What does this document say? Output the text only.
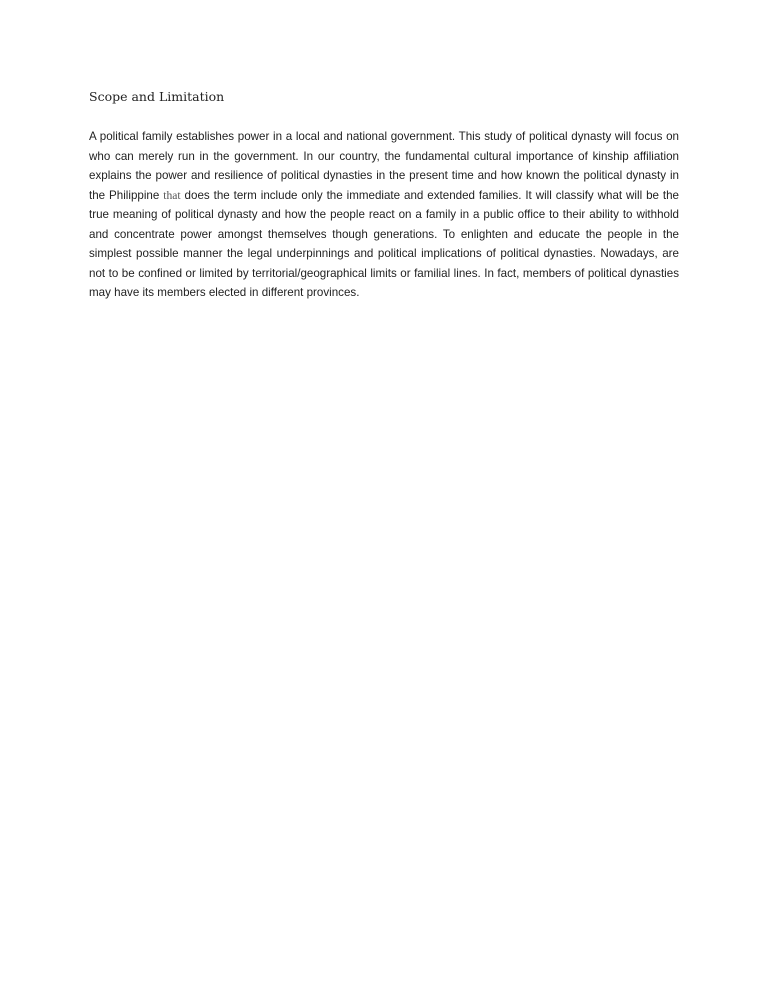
Scope and Limitation

A political family establishes power in a local and national government. This study of political dynasty will focus on who can merely run in the government. In our country, the fundamental cultural importance of kinship affiliation explains the power and resilience of political dynasties in the present time and how known the political dynasty in the Philippine that does the term include only the immediate and extended families. It will classify what will be the true meaning of political dynasty and how the people react on a family in a public office to their ability to withhold and concentrate power amongst themselves though generations. To enlighten and educate the people in the simplest possible manner the legal underpinnings and political implications of political dynasties. Nowadays, are not to be confined or limited by territorial/geographical limits or familial lines. In fact, members of political dynasties may have its members elected in different provinces.
